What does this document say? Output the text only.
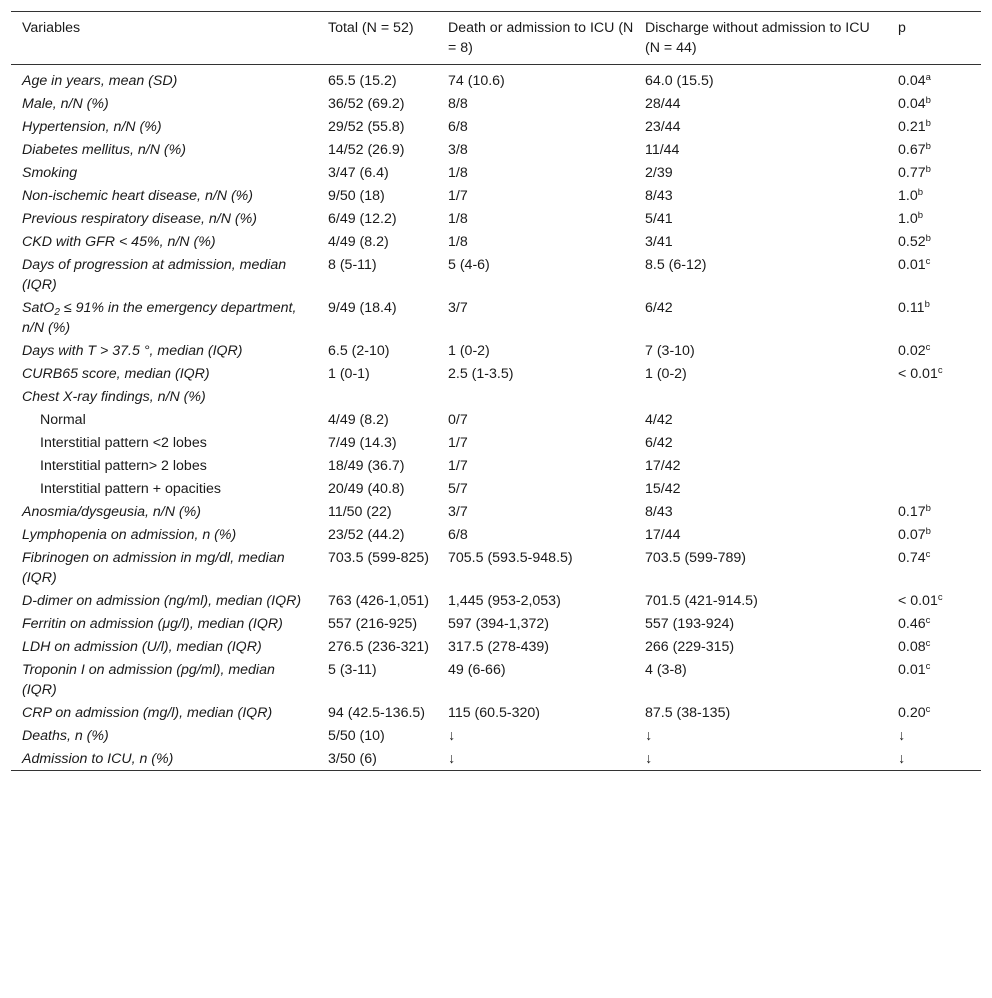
Variables	Total (N = 52)	Death or admission to ICU (N = 8)	Discharge without admission to ICU (N = 44)	p
Age in years, mean (SD)	65.5 (15.2)	74 (10.6)	64.0 (15.5)	0.04$^a$
Male, n/N (%)	36/52 (69.2)	8/8	28/44	0.04$^b$
Hypertension, n/N (%)	29/52 (55.8)	6/8	23/44	0.21$^b$
Diabetes mellitus, n/N (%)	14/52 (26.9)	3/8	11/44	0.67$^b$
Smoking	3/47 (6.4)	1/8	2/39	0.77$^b$
Non-ischemic heart disease, n/N (%)	9/50 (18)	1/7	8/43	1.0$^b$
Previous respiratory disease, n/N (%)	6/49 (12.2)	1/8	5/41	1.0$^b$
CKD with GFR < 45%, n/N (%)	4/49 (8.2)	1/8	3/41	0.52$^b$
Days of progression at admission, median (IQR)	8 (5-11)	5 (4-6)	8.5 (6-12)	0.01$^c$
SatO$_2$ ≤ 91% in the emergency department, n/N (%)	9/49 (18.4)	3/7	6/42	0.11$^b$
Days with T > 37.5 °, median (IQR)	6.5 (2-10)	1 (0-2)	7 (3-10)	0.02$^c$
CURB65 score, median (IQR)	1 (0-1)	2.5 (1-3.5)	1 (0-2)	< 0.01$^c$
Chest X-ray findings, n/N (%)				
Normal	4/49 (8.2)	0/7	4/42	
Interstitial pattern <2 lobes	7/49 (14.3)	1/7	6/42	
Interstitial pattern> 2 lobes	18/49 (36.7)	1/7	17/42	
Interstitial pattern + opacities	20/49 (40.8)	5/7	15/42	
Anosmia/dysgeusia, n/N (%)	11/50 (22)	3/7	8/43	0.17$^b$
Lymphopenia on admission, n (%)	23/52 (44.2)	6/8	17/44	0.07$^b$
Fibrinogen on admission in mg/dl, median (IQR)	703.5 (599-825)	705.5 (593.5-948.5)	703.5 (599-789)	0.74$^c$
D-dimer on admission (ng/ml), median (IQR)	763 (426-1,051)	1,445 (953-2,053)	701.5 (421-914.5)	< 0.01$^c$
Ferritin on admission (μg/l), median (IQR)	557 (216-925)	597 (394-1,372)	557 (193-924)	0.46$^c$
LDH on admission (U/l), median (IQR)	276.5 (236-321)	317.5 (278-439)	266 (229-315)	0.08$^c$
Troponin I on admission (pg/ml), median (IQR)	5 (3-11)	49 (6-66)	4 (3-8)	0.01$^c$
CRP on admission (mg/l), median (IQR)	94 (42.5-136.5)	115 (60.5-320)	87.5 (38-135)	0.20$^c$
Deaths, n (%)	5/50 (10)	↓	↓	↓
Admission to ICU, n (%)	3/50 (6)	↓	↓	↓
